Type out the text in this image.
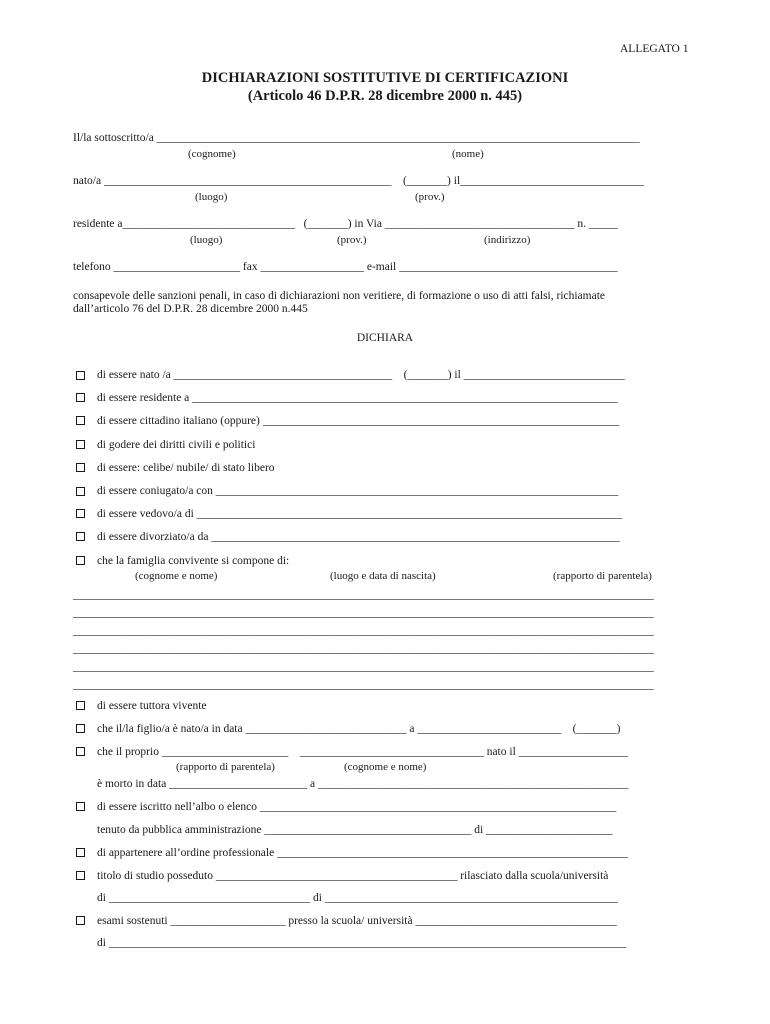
ALLEGATO 1
DICHIARAZIONI SOSTITUTIVE DI CERTIFICAZIONI
(Articolo 46 D.P.R. 28 dicembre 2000 n. 445)
Il/la sottoscritto/a ____________________________________________________________________________________
(cognome)	(nome)
nato/a __________________________________________________    (_______) il________________________________
(luogo)	(prov.)
residente a______________________________   (_______) in Via _________________________________ n. _____
(luogo)	(prov.)	(indirizzo)
telefono ______________________ fax __________________ e-mail ______________________________________
consapevole delle sanzioni penali, in caso di dichiarazioni non veritiere, di formazione o uso di atti falsi, richiamate
dall’articolo 76 del D.P.R. 28 dicembre 2000 n.445
DICHIARA
di essere nato /a ______________________________________    (_______) il ____________________________
di essere residente a __________________________________________________________________________
di essere cittadino italiano (oppure) ______________________________________________________________
di godere dei diritti civili e politici
di essere: celibe/ nubile/ di stato libero
di essere coniugato/a con ______________________________________________________________________
di essere vedovo/a di __________________________________________________________________________
di essere divorziato/a da _______________________________________________________________________
che la famiglia convivente si compone di:
(cognome e nome)	(luogo e data di nascita)	(rapporto di parentela)
_____________________________________________________________________________________________________
_____________________________________________________________________________________________________
_____________________________________________________________________________________________________
_____________________________________________________________________________________________________
_____________________________________________________________________________________________________
_____________________________________________________________________________________________________
di essere tuttora vivente
che il/la figlio/a è nato/a in data ____________________________ a _________________________    (_______)
che il proprio ______________________    ________________________________ nato il ___________________
(rapporto di parentela)	(cognome e nome)
è morto in data ________________________ a ______________________________________________________
di essere iscritto nell’albo o elenco ______________________________________________________________
tenuto da pubblica amministrazione ____________________________________ di ______________________
di appartenere all’ordine professionale _____________________________________________________________
titolo di studio posseduto __________________________________________ rilasciato dalla scuola/università
di ___________________________________ di ___________________________________________________
esami sostenuti ____________________ presso la scuola/ università ___________________________________
di __________________________________________________________________________________________
